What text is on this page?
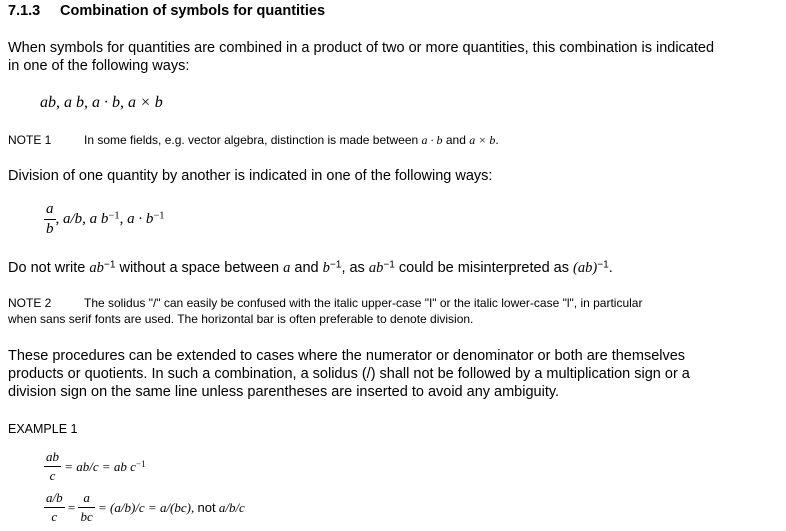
7.1.3 Combination of symbols for quantities
When symbols for quantities are combined in a product of two or more quantities, this combination is indicated
in one of the following ways:
ab, a b, a · b, a × b
NOTE 1	In some fields, e.g. vector algebra, distinction is made between a · b and a × b.
Division of one quantity by another is indicated in one of the following ways:
$\frac{a}{b}$ , a/b, a $b^{-1}$, $a \cdot b^{-1}$
Do not write $ab^{-1}$ without a space between a and $b^{-1}$, as $ab^{-1}$ could be misinterpreted as (ab)$^{-1}$.
NOTE 2	The solidus "/" can easily be confused with the italic upper-case "I" or the italic lower-case "l", in particular
when sans serif fonts are used. The horizontal bar is often preferable to denote division.
These procedures can be extended to cases where the numerator or denominator or both are themselves
products or quotients. In such a combination, a solidus (/) shall not be followed by a multiplication sign or a
division sign on the same line unless parentheses are inserted to avoid any ambiguity.
EXAMPLE 1
$\frac{ab}{c} = ab/c$ = ab $c^{-1}$
$\frac{a/b}{c} = \frac{a}{bc} = (a/b)/c = a/(bc)$, not a/b/c
